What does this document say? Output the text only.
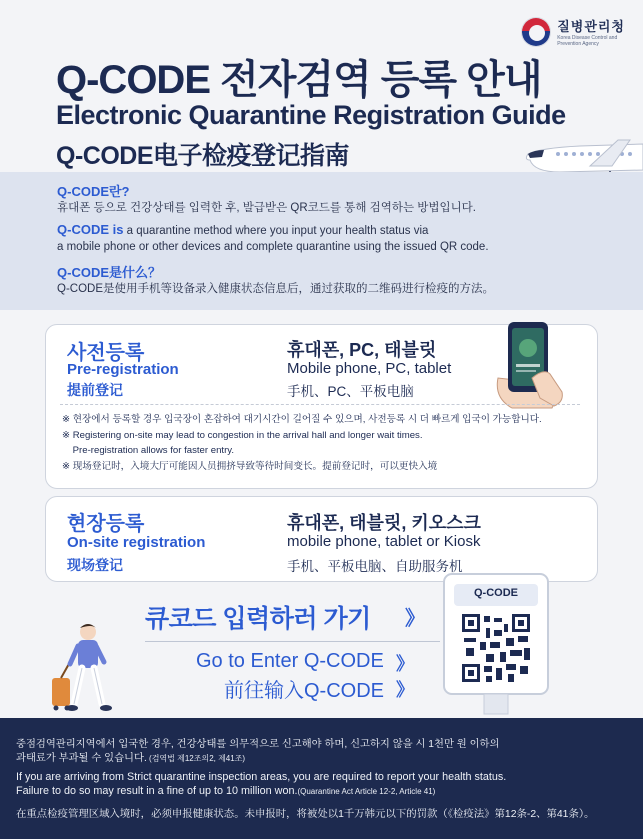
질병관리청
Korea Disease Control and
Prevention Agency
Q-CODE 전자검역 등록 안내
Electronic Quarantine Registration Guide
Q-CODE电子检疫登记指南
Q-CODE란?
휴대폰 등으로 건강상태를 입력한 후, 발급받은 QR코드를 통해 검역하는 방법입니다.
Q-CODE is a quarantine method where you input your health status via
a mobile phone or other devices and complete quarantine using the issued QR code.
Q-CODE是什么？
Q-CODE是使用手机等设备录入健康状态信息后，通过获取的二维码进行检疫的方法。
사전등록
Pre-registration
提前登记
휴대폰, PC, 태블릿
Mobile phone, PC, tablet
手机、PC、平板电脑
※ 현장에서 등록할 경우 입국장이 혼잡하여 대기시간이 길어질 수 있으며, 사전등록 시 더 빠르게 입국이 가능합니다.
※ Registering on-site may lead to congestion in the arrival hall and longer wait times.
Pre-registration allows for faster entry.
※ 现场登记时，入境大厅可能因人员拥挤导致等待时间变长。提前登记时，可以更快入境
현장등록
On-site registration
现场登记
휴대폰, 태블릿, 키오스크
mobile phone, tablet or Kiosk
手机、平板电脑、自助服务机
큐코드 입력하러 가기 》
Go to Enter Q-CODE 》
前往输入Q-CODE 》
Q-CODE
중점검역관리지역에서 입국한 경우, 건강상태를 의무적으로 신고해야 하며, 신고하지 않을 시 1천만 원 이하의
과태료가 부과될 수 있습니다. (검역법 제12조의2, 제41조)
If you are arriving from Strict quarantine inspection areas, you are required to report your health status.
Failure to do so may result in a fine of up to 10 million won.(Quarantine Act Article 12-2, Article 41)
在重点检疫管理区域入境时，必须申报健康状态。未申报时，将被处以1千万韩元以下的罚款（《检疫法》第12条-2、第41条）。
